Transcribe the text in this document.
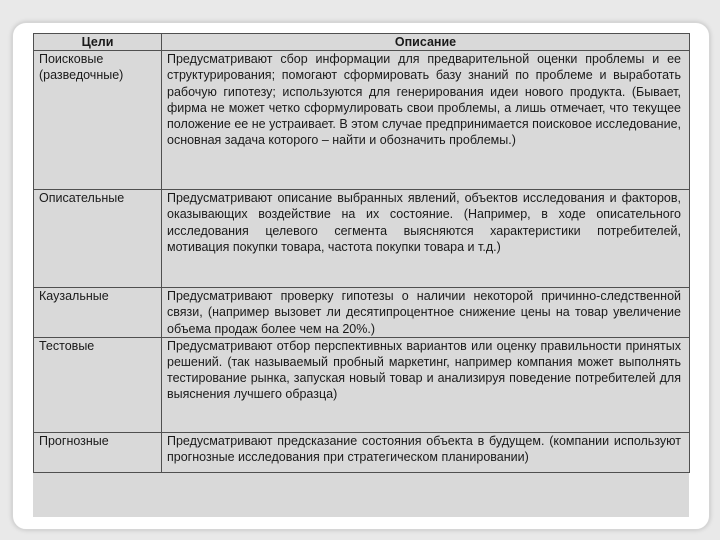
Цели	Описание

Поисковые
(разведочные)	Предусматривают сбор информации для предварительной оценки проблемы и ее структурирования; помогают сформировать базу знаний по проблеме и выработать рабочую гипотезу; используются для генерирования идеи нового продукта. (Бывает, фирма не может четко сформулировать свои проблемы, а лишь отмечает, что текущее положение ее не устраивает. В этом случае предпринимается поисковое исследование, основная задача которого – найти и обозначить проблемы.)
Описательные	Предусматривают описание выбранных явлений, объектов исследования и факторов, оказывающих воздействие на их состояние. (Например, в ходе описательного исследования целевого сегмента выясняются характеристики потребителей, мотивация покупки товара, частота покупки товара и т.д.)
Каузальные	Предусматривают проверку гипотезы о наличии некоторой причинно-следственной связи, (например вызовет ли десятипроцентное снижение цены на товар увеличение объема продаж более чем на 20%.)
Тестовые	Предусматривают отбор перспективных вариантов или оценку правильности принятых решений. (так называемый пробный маркетинг, например компания может выполнять тестирование рынка, запуская новый товар и анализируя поведение потребителей для выяснения лучшего образца)
Прогнозные	Предусматривают предсказание состояния объекта в будущем. (компании используют прогнозные исследования при стратегическом планировании)
